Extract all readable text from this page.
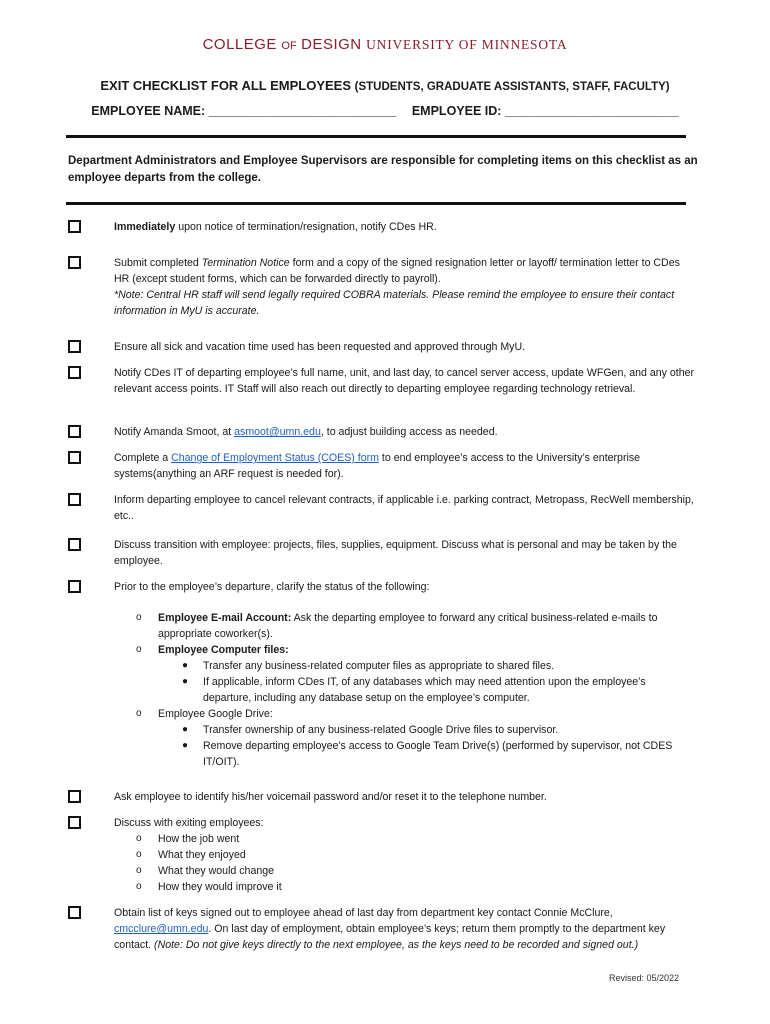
COLLEGE OF DESIGN UNIVERSITY OF MINNESOTA
EXIT CHECKLIST FOR ALL EMPLOYEES (STUDENTS, GRADUATE ASSISTANTS, STAFF, FACULTY)
EMPLOYEE NAME: ___________________________ EMPLOYEE ID: _________________________
Department Administrators and Employee Supervisors are responsible for completing items on this checklist as an employee departs from the college.
Immediately upon notice of termination/resignation, notify CDes HR.
Submit completed Termination Notice form and a copy of the signed resignation letter or layoff/ termination letter to CDes HR (except student forms, which can be forwarded directly to payroll).
*Note: Central HR staff will send legally required COBRA materials. Please remind the employee to ensure their contact information in MyU is accurate.
Ensure all sick and vacation time used has been requested and approved through MyU.
Notify CDes IT of departing employee’s full name, unit, and last day, to cancel server access, update WFGen, and any other relevant access points. IT Staff will also reach out directly to departing employee regarding technology retrieval.
Notify Amanda Smoot, at asmoot@umn.edu, to adjust building access as needed.
Complete a Change of Employment Status (COES) form to end employee’s access to the University’s enterprise systems(anything an ARF request is needed for).
Inform departing employee to cancel relevant contracts, if applicable i.e. parking contract, Metropass, RecWell membership, etc..
Discuss transition with employee: projects, files, supplies, equipment. Discuss what is personal and may be taken by the employee.
Prior to the employee’s departure, clarify the status of the following:
o Employee E-mail Account: Ask the departing employee to forward any critical business-related e-mails to appropriate coworker(s).
o Employee Computer files:
● Transfer any business-related computer files as appropriate to shared files.
● If applicable, inform CDes IT, of any databases which may need attention upon the employee’s departure, including any database setup on the employee’s computer.
o Employee Google Drive:
● Transfer ownership of any business-related Google Drive files to supervisor.
● Remove departing employee's access to Google Team Drive(s) (performed by supervisor, not CDES IT/OIT).
Ask employee to identify his/her voicemail password and/or reset it to the telephone number.
Discuss with exiting employees:
o How the job went
o What they enjoyed
o What they would change
o How they would improve it
Obtain list of keys signed out to employee ahead of last day from department key contact Connie McClure, cmcclure@umn.edu. On last day of employment, obtain employee’s keys; return them promptly to the department key contact. (Note: Do not give keys directly to the next employee, as the keys need to be recorded and signed out.)
Revised: 05/2022
